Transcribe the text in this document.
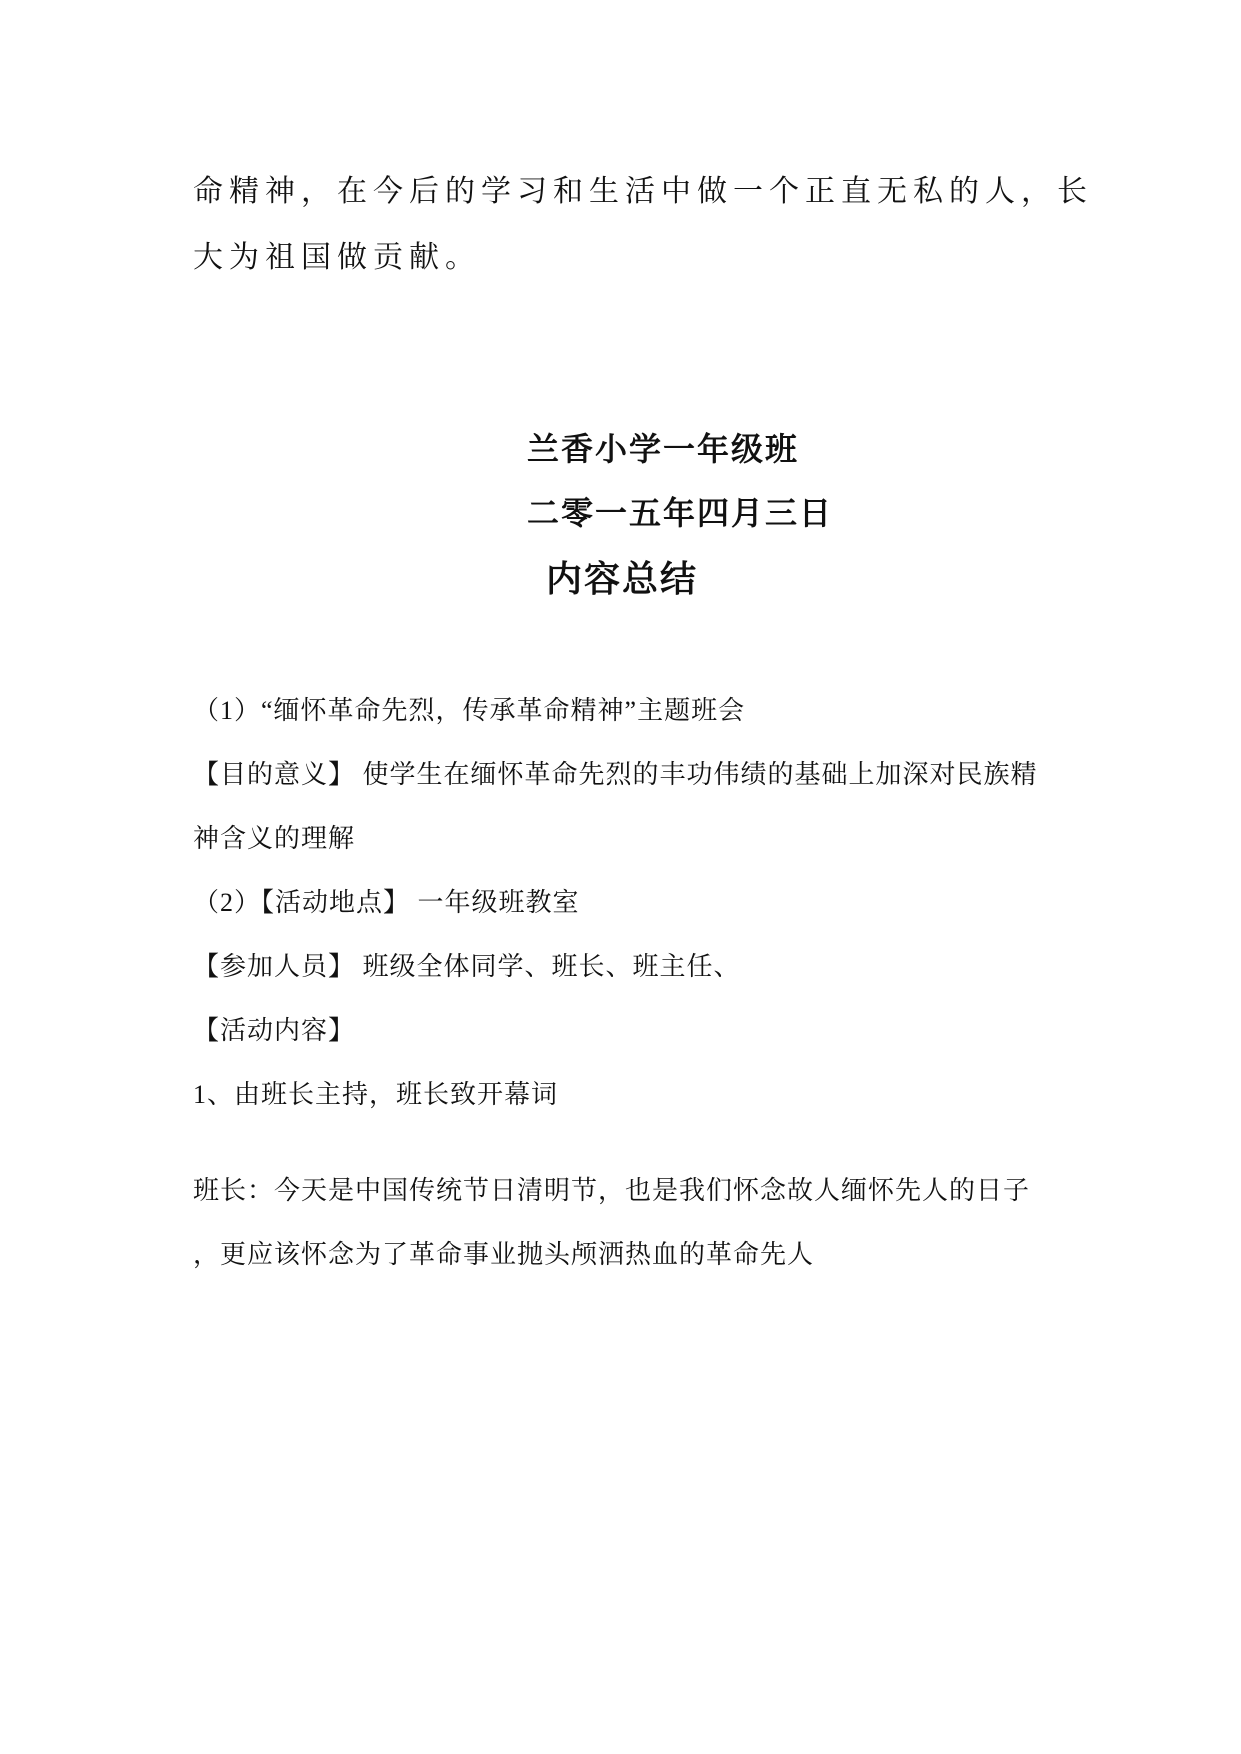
命精神，在今后的学习和生活中做一个正直无私的人，长

大为祖国做贡献。

兰香小学一年级班

二零一五年四月三日

内容总结

（1）“缅怀革命先烈，传承革命精神”主题班会

【目的意义】 使学生在缅怀革命先烈的丰功伟绩的基础上加深对民族精

神含义的理解

（2）【活动地点】 一年级班教室

【参加人员】 班级全体同学、班长、班主任、

【活动内容】

1、由班长主持，班长致开幕词

班长：今天是中国传统节日清明节，也是我们怀念故人缅怀先人的日子

，更应该怀念为了革命事业抛头颅洒热血的革命先人
